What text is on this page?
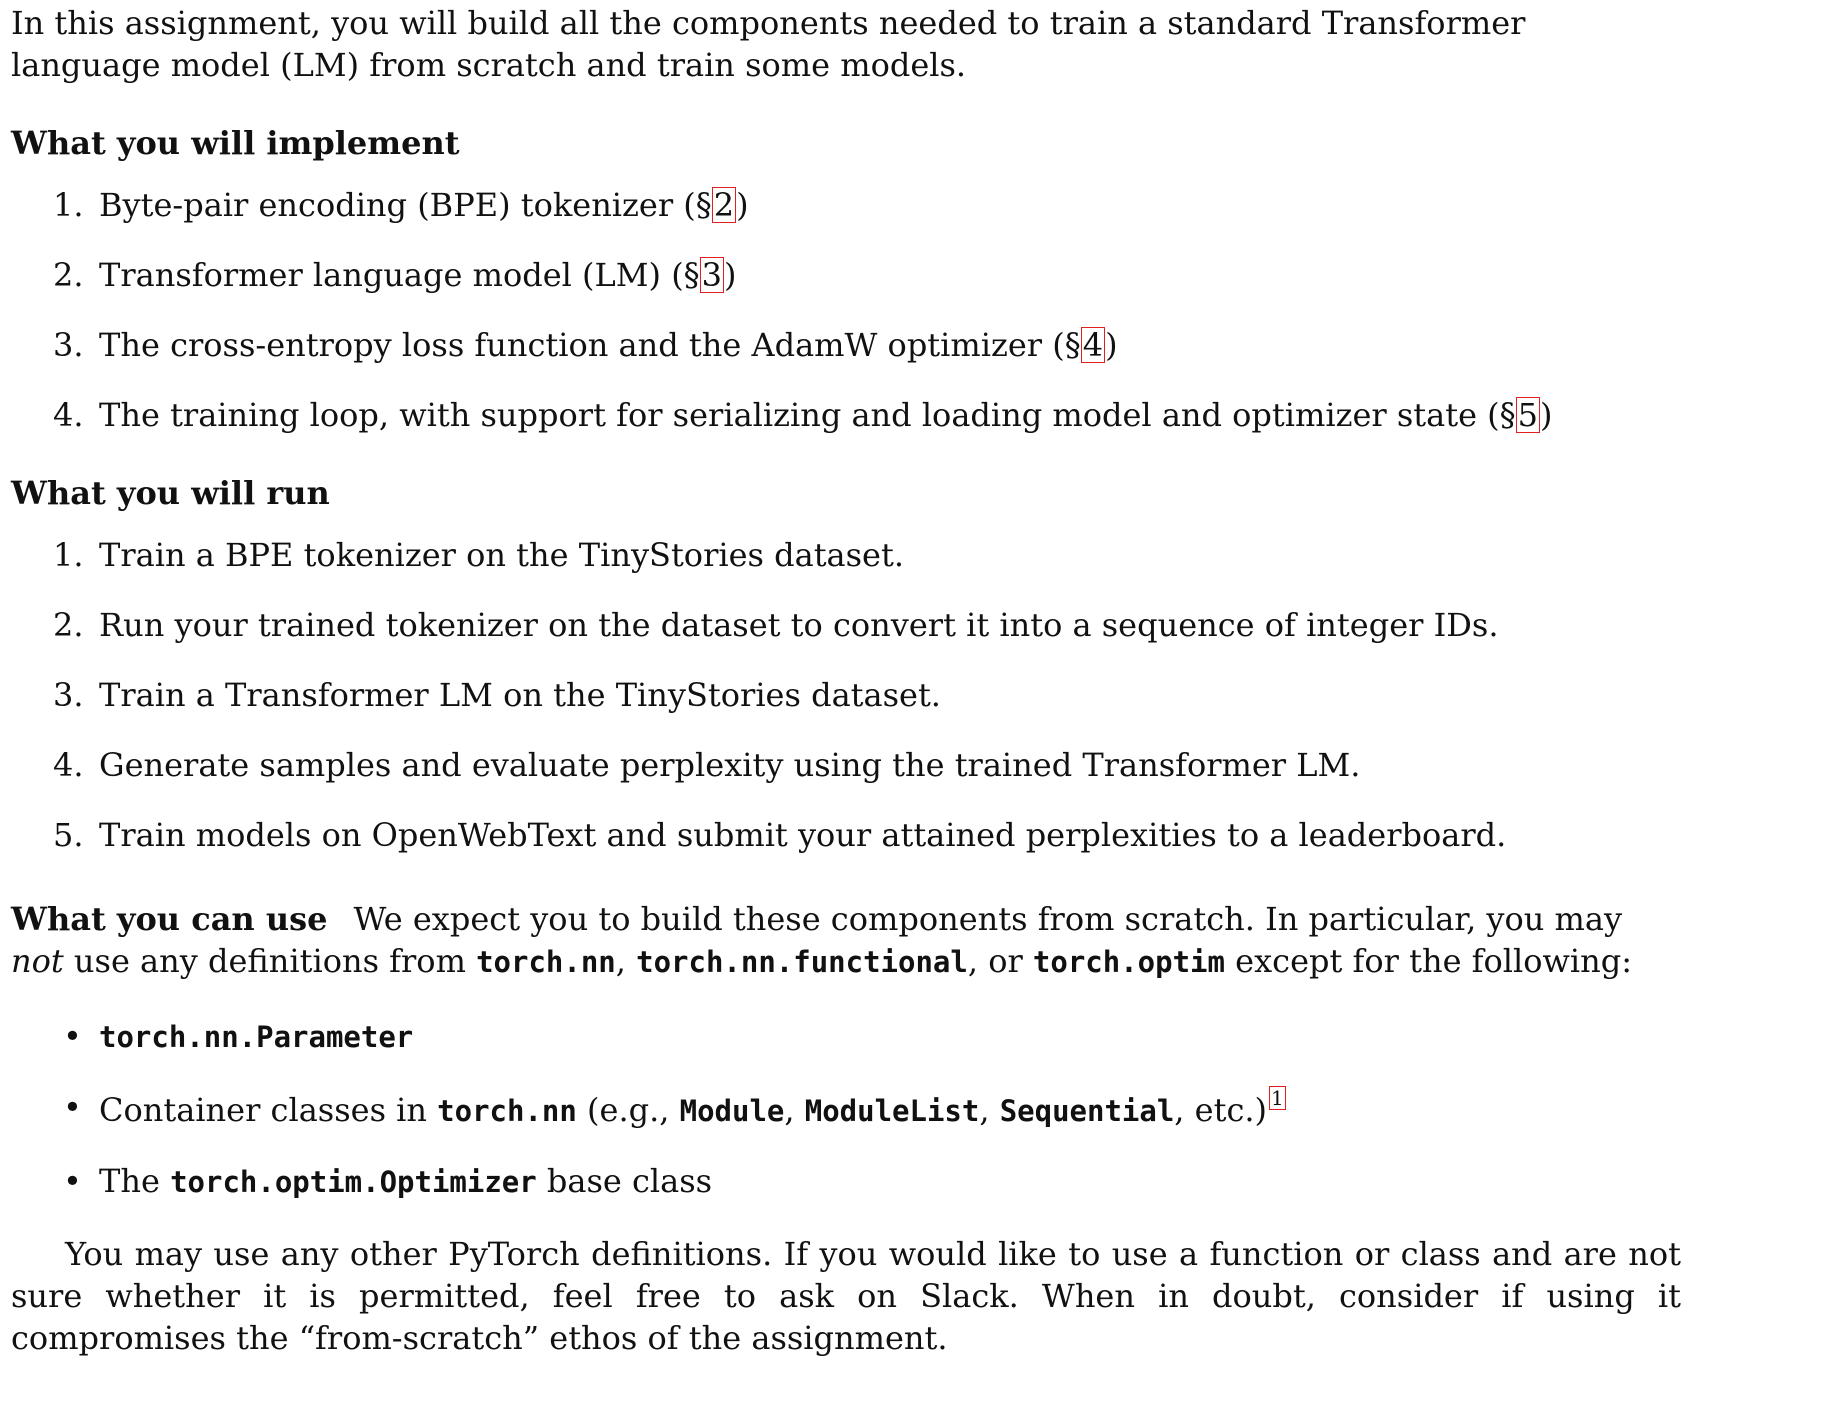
In this assignment, you will build all the components needed to train a standard Transformer language model (LM) from scratch and train some models.

What you will implement

1. Byte-pair encoding (BPE) tokenizer (§2)
2. Transformer language model (LM) (§3)
3. The cross-entropy loss function and the AdamW optimizer (§4)
4. The training loop, with support for serializing and loading model and optimizer state (§5)

What you will run

1. Train a BPE tokenizer on the TinyStories dataset.
2. Run your trained tokenizer on the dataset to convert it into a sequence of integer IDs.
3. Train a Transformer LM on the TinyStories dataset.
4. Generate samples and evaluate perplexity using the trained Transformer LM.
5. Train models on OpenWebText and submit your attained perplexities to a leaderboard.

What you can use We expect you to build these components from scratch. In particular, you may not use any definitions from torch.nn, torch.nn.functional, or torch.optim except for the following:

• torch.nn.Parameter
• Container classes in torch.nn (e.g., Module, ModuleList, Sequential, etc.) 1
• The torch.optim.Optimizer base class

You may use any other PyTorch definitions. If you would like to use a function or class and are not sure whether it is permitted, feel free to ask on Slack. When in doubt, consider if using it compromises the “from-scratch” ethos of the assignment.
